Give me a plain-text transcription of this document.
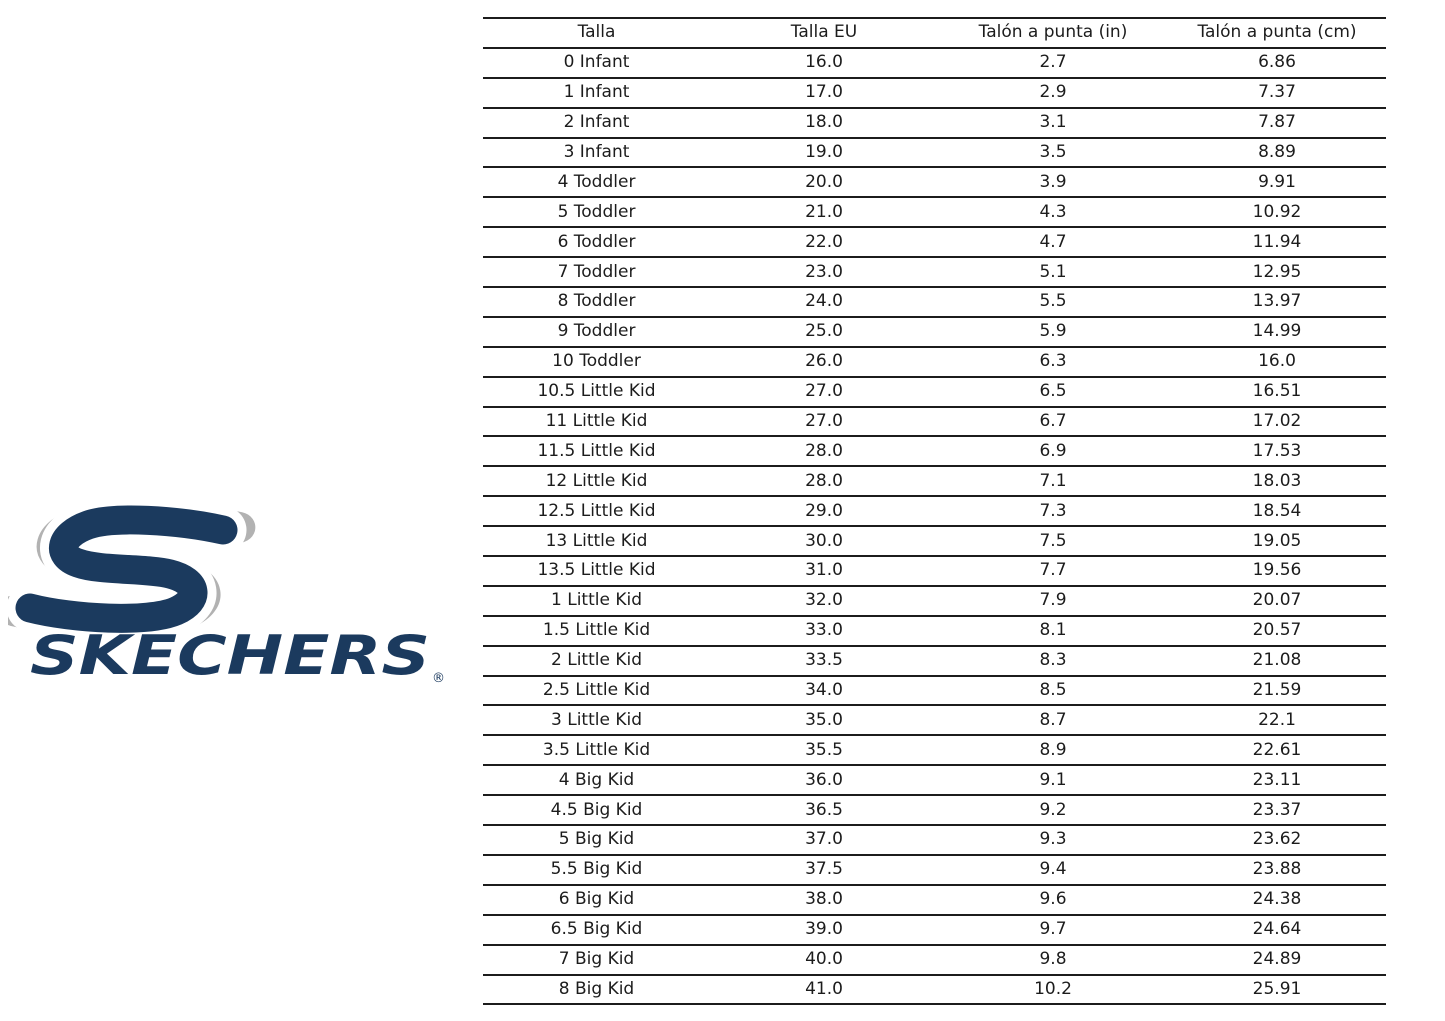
SKECHERS ®
Talla	Talla EU	Talón a punta (in)	Talón a punta (cm)
0 Infant	16.0	2.7	6.86
1 Infant	17.0	2.9	7.37
2 Infant	18.0	3.1	7.87
3 Infant	19.0	3.5	8.89
4 Toddler	20.0	3.9	9.91
5 Toddler	21.0	4.3	10.92
6 Toddler	22.0	4.7	11.94
7 Toddler	23.0	5.1	12.95
8 Toddler	24.0	5.5	13.97
9 Toddler	25.0	5.9	14.99
10 Toddler	26.0	6.3	16.0
10.5 Little Kid	27.0	6.5	16.51
11 Little Kid	27.0	6.7	17.02
11.5 Little Kid	28.0	6.9	17.53
12 Little Kid	28.0	7.1	18.03
12.5 Little Kid	29.0	7.3	18.54
13 Little Kid	30.0	7.5	19.05
13.5 Little Kid	31.0	7.7	19.56
1 Little Kid	32.0	7.9	20.07
1.5 Little Kid	33.0	8.1	20.57
2 Little Kid	33.5	8.3	21.08
2.5 Little Kid	34.0	8.5	21.59
3 Little Kid	35.0	8.7	22.1
3.5 Little Kid	35.5	8.9	22.61
4 Big Kid	36.0	9.1	23.11
4.5 Big Kid	36.5	9.2	23.37
5 Big Kid	37.0	9.3	23.62
5.5 Big Kid	37.5	9.4	23.88
6 Big Kid	38.0	9.6	24.38
6.5 Big Kid	39.0	9.7	24.64
7 Big Kid	40.0	9.8	24.89
8 Big Kid	41.0	10.2	25.91
